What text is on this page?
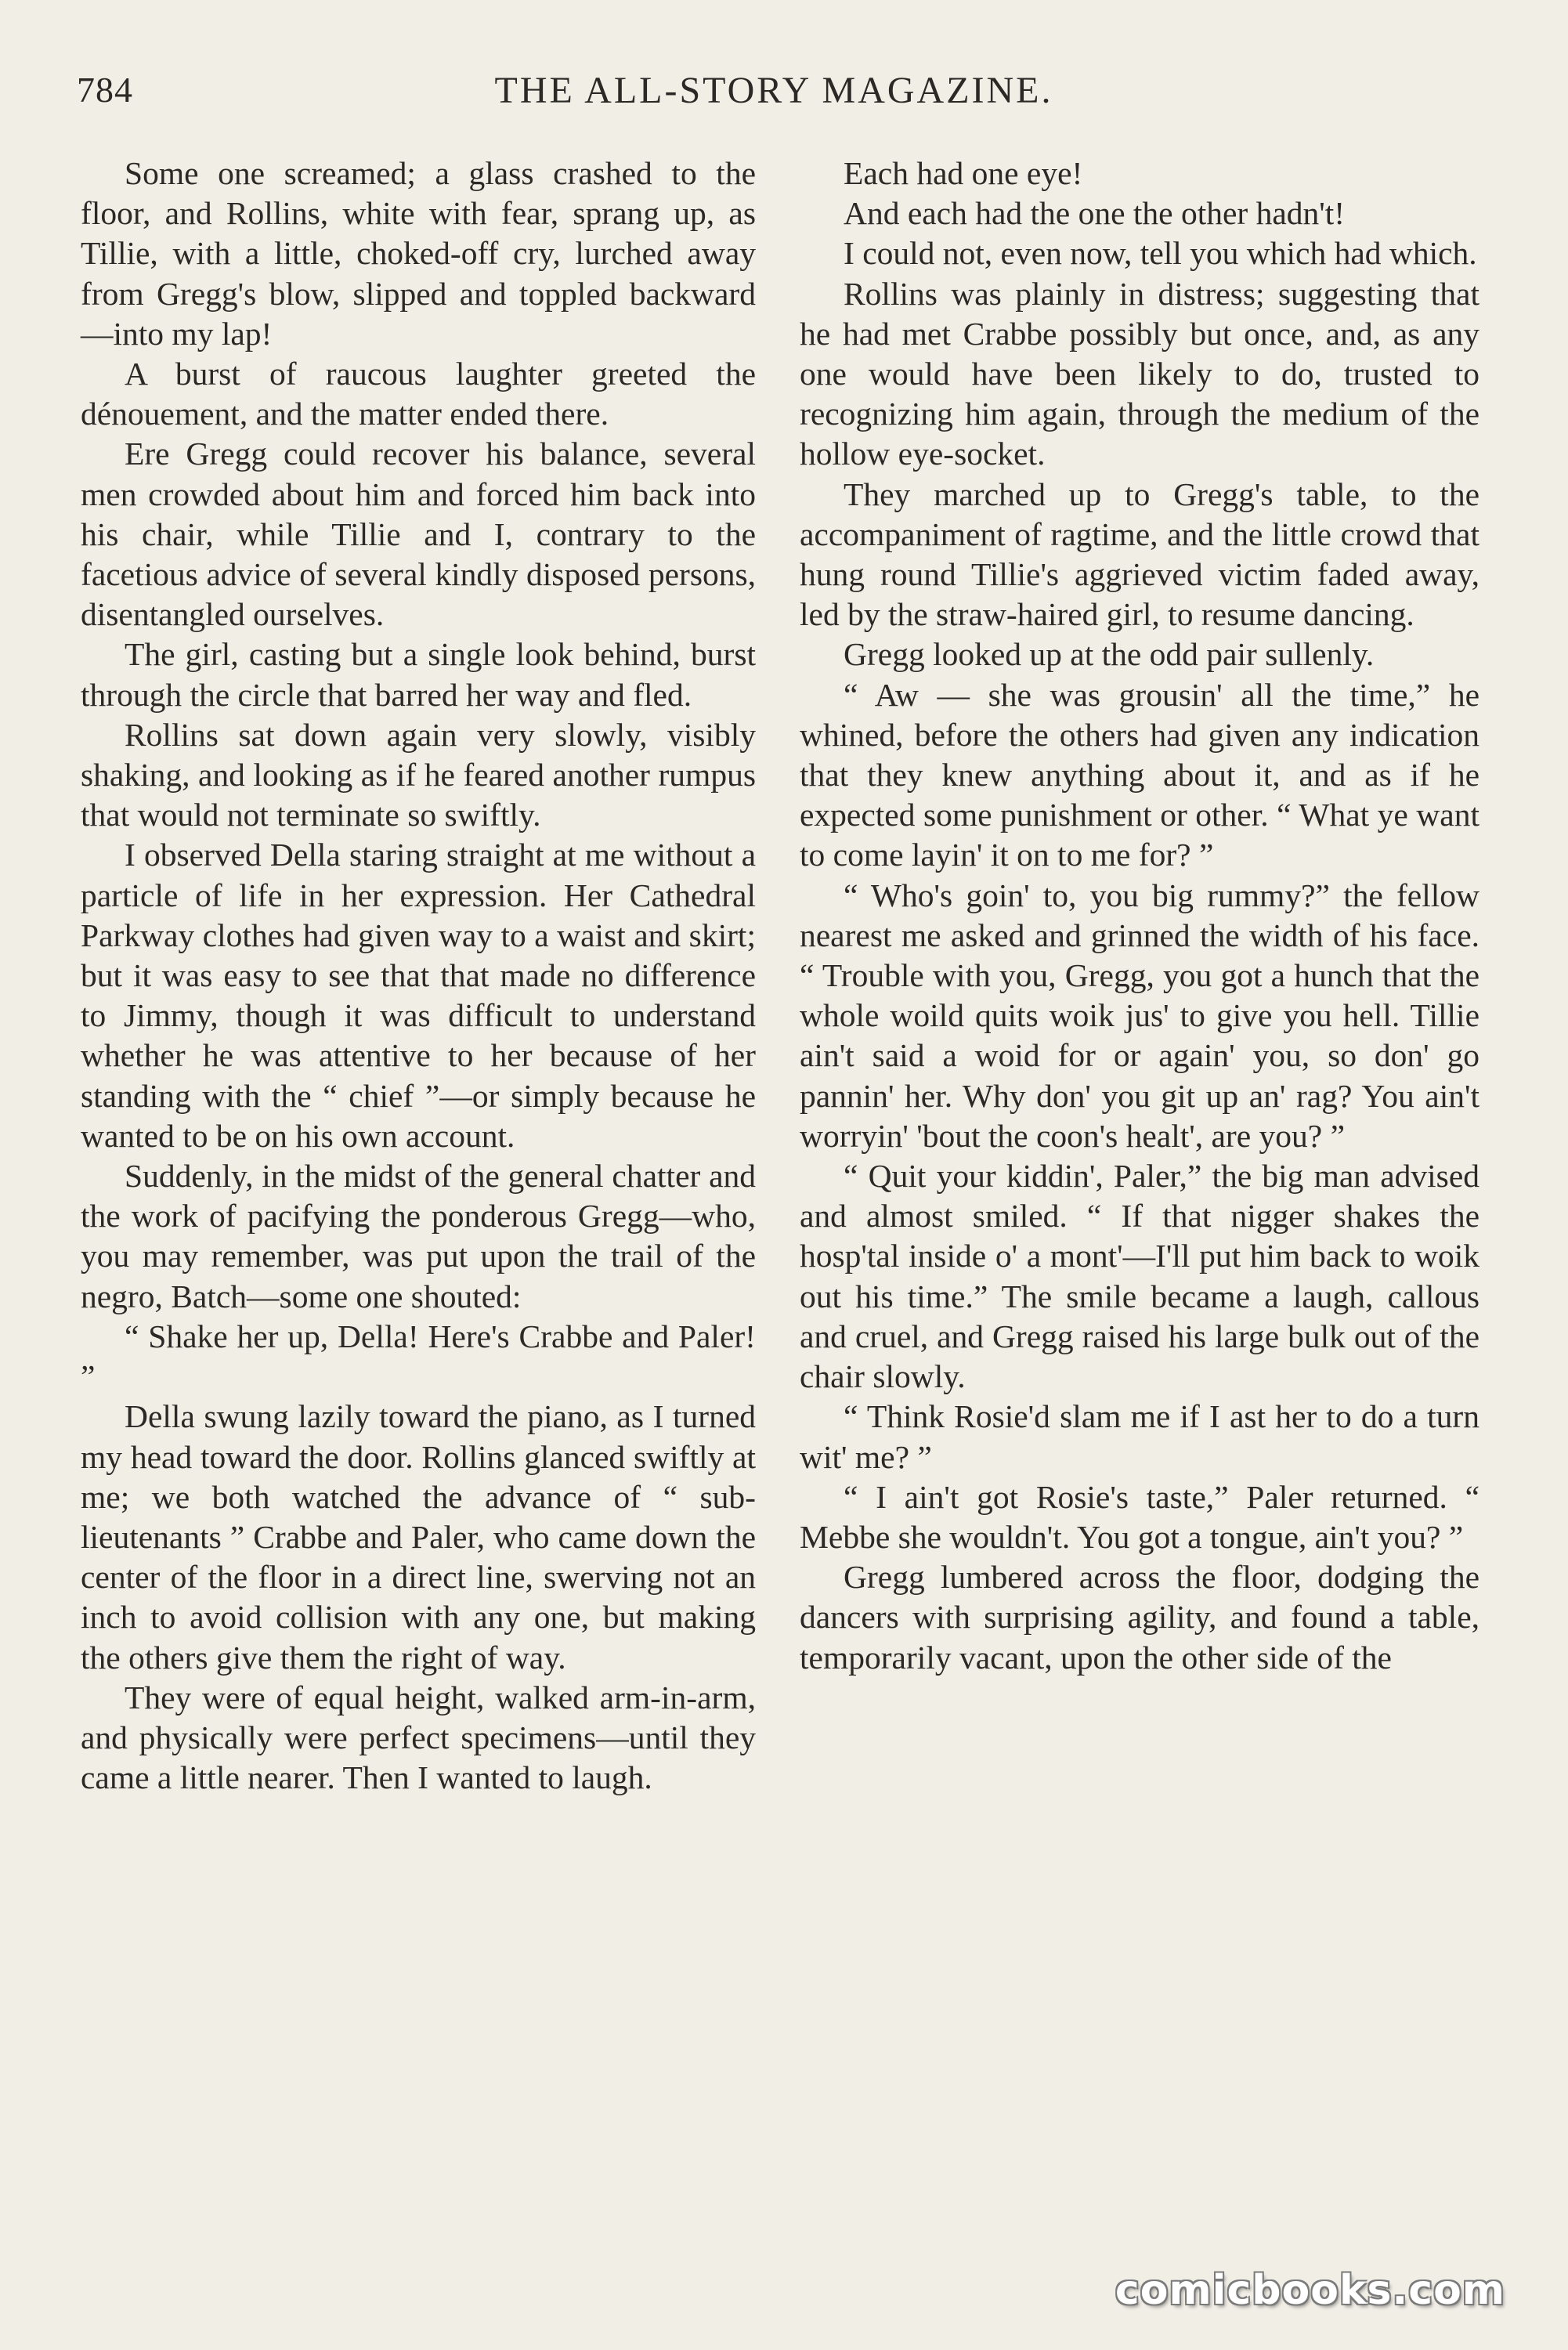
784	THE ALL-STORY MAGAZINE.

Some one screamed; a glass crashed to the floor, and Rollins, white with fear, sprang up, as Tillie, with a little, choked-off cry, lurched away from Gregg's blow, slipped and toppled backward—into my lap!

A burst of raucous laughter greeted the dénouement, and the matter ended there.

Ere Gregg could recover his balance, several men crowded about him and forced him back into his chair, while Tillie and I, contrary to the facetious advice of several kindly disposed persons, disentangled ourselves.

The girl, casting but a single look behind, burst through the circle that barred her way and fled.

Rollins sat down again very slowly, visibly shaking, and looking as if he feared another rumpus that would not terminate so swiftly.

I observed Della staring straight at me without a particle of life in her expression. Her Cathedral Parkway clothes had given way to a waist and skirt; but it was easy to see that that made no difference to Jimmy, though it was difficult to understand whether he was attentive to her because of her standing with the “ chief ”—or simply because he wanted to be on his own account.

Suddenly, in the midst of the general chatter and the work of pacifying the ponderous Gregg—who, you may remember, was put upon the trail of the negro, Batch—some one shouted:

“ Shake her up, Della! Here's Crabbe and Paler! ”

Della swung lazily toward the piano, as I turned my head toward the door. Rollins glanced swiftly at me; we both watched the advance of “ sub-lieutenants ” Crabbe and Paler, who came down the center of the floor in a direct line, swerving not an inch to avoid collision with any one, but making the others give them the right of way.

They were of equal height, walked arm-in-arm, and physically were perfect specimens—until they came a little nearer. Then I wanted to laugh.

Each had one eye!

And each had the one the other hadn't!

I could not, even now, tell you which had which.

Rollins was plainly in distress; suggesting that he had met Crabbe possibly but once, and, as any one would have been likely to do, trusted to recognizing him again, through the medium of the hollow eye-socket.

They marched up to Gregg's table, to the accompaniment of ragtime, and the little crowd that hung round Tillie's aggrieved victim faded away, led by the straw-haired girl, to resume dancing.

Gregg looked up at the odd pair sullenly.

“ Aw — she was grousin' all the time,” he whined, before the others had given any indication that they knew anything about it, and as if he expected some punishment or other. “ What ye want to come layin' it on to me for? ”

“ Who's goin' to, you big rummy?” the fellow nearest me asked and grinned the width of his face. “ Trouble with you, Gregg, you got a hunch that the whole woild quits woik jus' to give you hell. Tillie ain't said a woid for or again' you, so don' go pannin' her. Why don' you git up an' rag? You ain't worryin' 'bout the coon's healt', are you? ”

“ Quit your kiddin', Paler,” the big man advised and almost smiled. “ If that nigger shakes the hosp'tal inside o' a mont'—I'll put him back to woik out his time.” The smile became a laugh, callous and cruel, and Gregg raised his large bulk out of the chair slowly.

“ Think Rosie'd slam me if I ast her to do a turn wit' me? ”

“ I ain't got Rosie's taste,” Paler returned. “ Mebbe she wouldn't. You got a tongue, ain't you? ”

Gregg lumbered across the floor, dodging the dancers with surprising agility, and found a table, temporarily vacant, upon the other side of the

comicbooks.com
